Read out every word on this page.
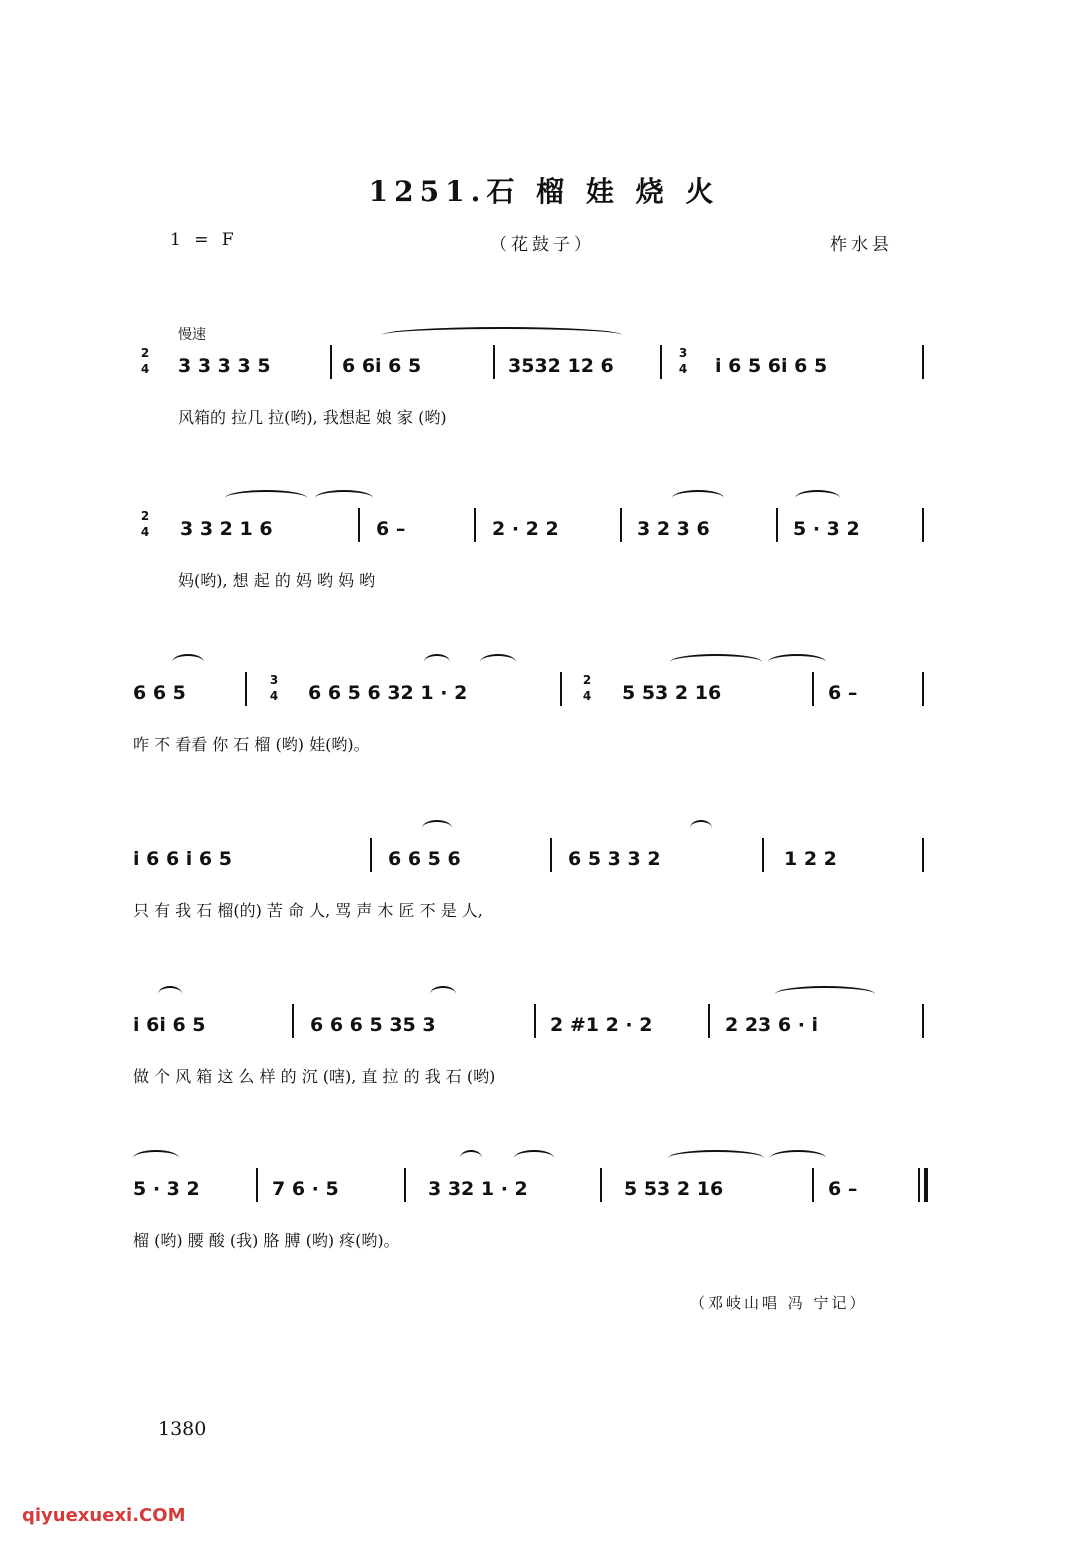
1251.石 榴 娃 烧 火
1 = F	（花鼓子）	柞水县
慢速
2
4 3 3 3 3 5	6 6i 6 5	3532 12 6
3
4 i 6 5 6i 6 5
风箱的 拉几 拉(哟), 我想起 娘 家 (哟)
2
4 3 3 2 1 6	6 –	2 · 2 2	3 2 3 6	5 · 3 2
妈(哟), 想 起 的 妈 哟 妈 哟
6 6 5
3
4 6 6 5 6 32 1 · 2
2
4 5 53 2 16	6 –
咋 不 看看 你 石 榴 (哟) 娃(哟)。
i 6 6 i 6 5	6 6 5 6	6 5 3 3 2	1 2 2
只 有 我 石 榴(的) 苦 命 人, 骂 声 木 匠 不 是 人,
i 6i 6 5	6 6 6 5 35 3	2 #1 2 · 2	2 23 6 · i
做 个 风 箱 这 么 样 的 沉 (嗐), 直 拉 的 我 石 (哟)
5 · 3 2	7 6 · 5	3 32 1 · 2	5 53 2 16	6 –
榴 (哟) 腰 酸 (我) 胳 膊 (哟) 疼(哟)。
（邓岐山唱 冯 宁记）
1380
qiyuexuexi.COM
